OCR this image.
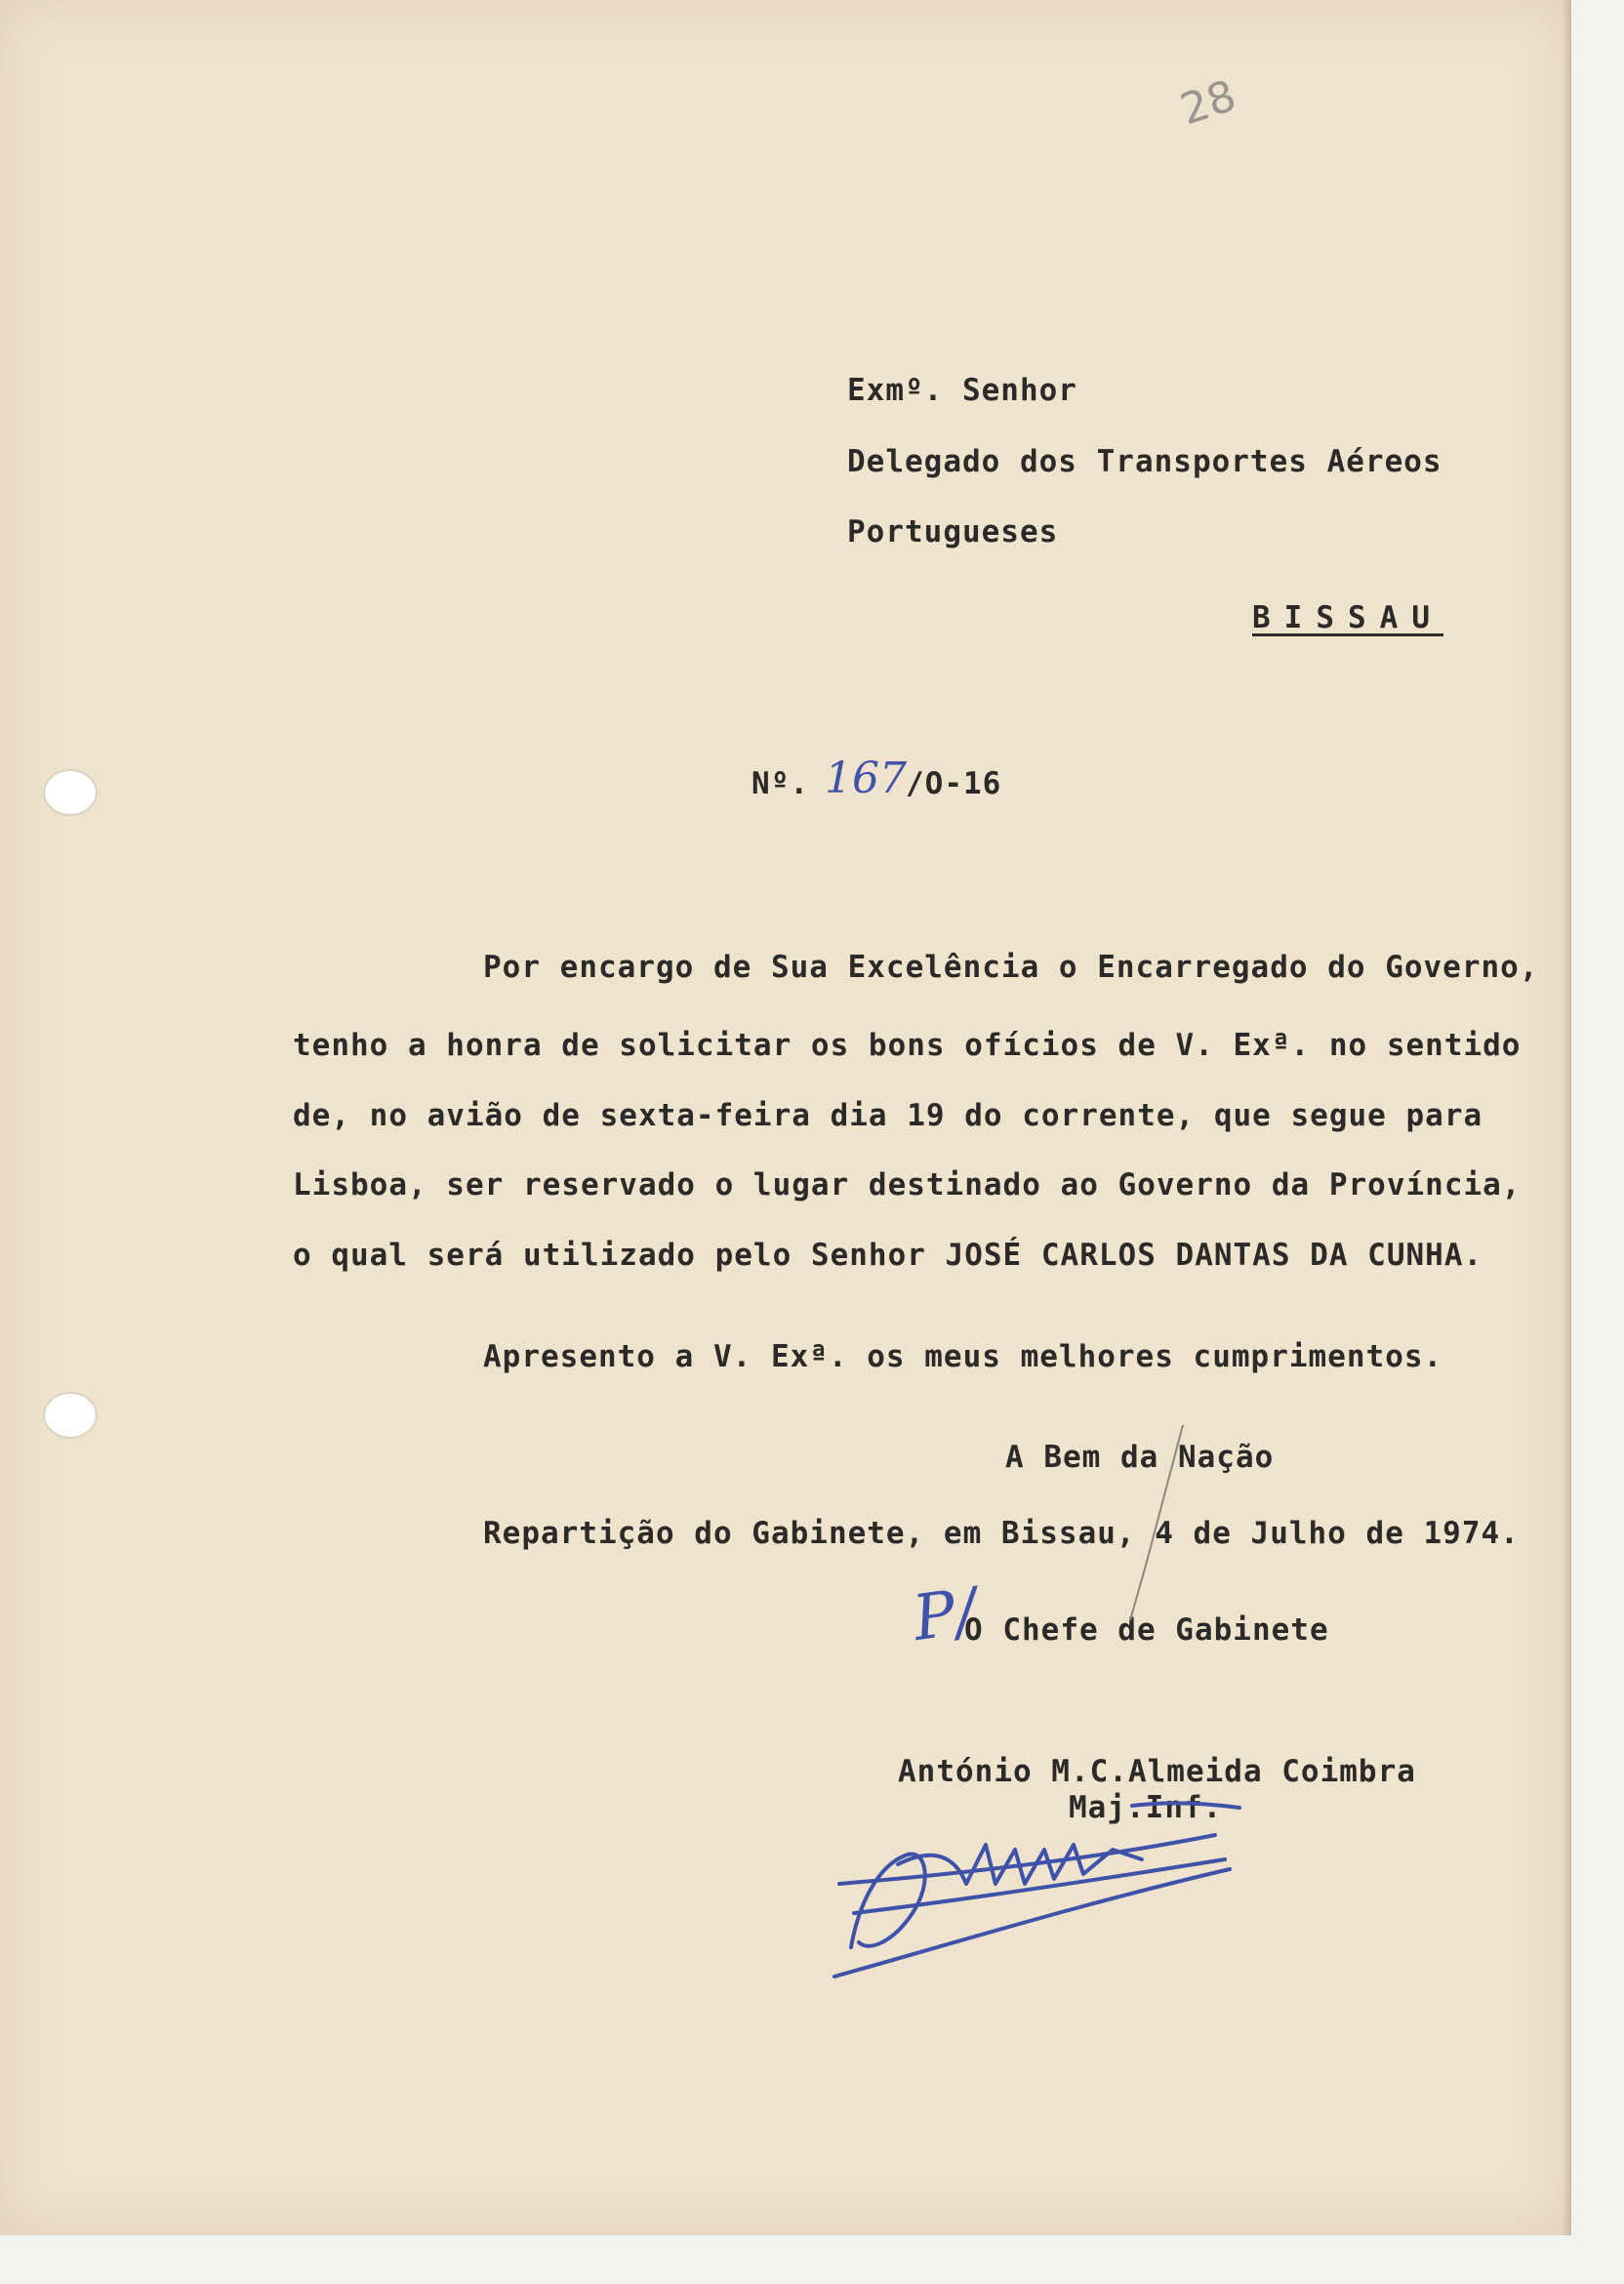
28
Exmº. Senhor
Delegado dos Transportes Aéreos
Portugueses
BISSAU
Nº. 167 /O-16
Por encargo de Sua Excelência o Encarregado do Governo,
tenho a honra de solicitar os bons ofícios de V. Exª. no sentido
de, no avião de sexta-feira dia 19 do corrente, que segue para
Lisboa, ser reservado o lugar destinado ao Governo da Província,
o qual será utilizado pelo Senhor JOSÉ CARLOS DANTAS DA CUNHA.
Apresento a V. Exª. os meus melhores cumprimentos.
A Bem da Nação
Repartição do Gabinete, em Bissau, 4 de Julho de 1974.
P/
O Chefe de Gabinete
António M.C.Almeida Coimbra
Maj.Inf.
